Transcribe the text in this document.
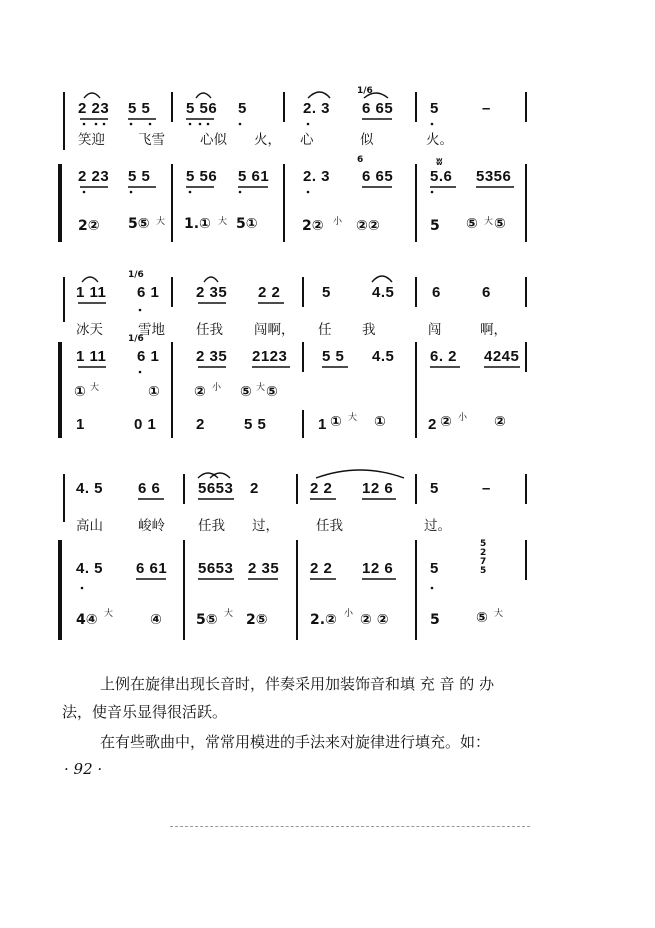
2 23 5 5 5 56 5	2. 3 6 65 5	–
1/6
笑迎 飞雪	心似 火， 心	似	火。
2 23 5 5 5 56 5 61 2. 3 6 65 5.6 5356
6	ʬ
2② 5⑤ 大 1.① 大 5①	2② 小 ②②	5 ⑤ 大 ⑤
1 11 6 1
1/6
2 35 2 2	5	4.5	6	6
冰天	雪地 任我 闯啊， 任 我	闯	啊，
1 11 6 1
1/6
2 35 2123 5 5 4.5 6. 2 4245
① 大	① ② 小 ⑤ 大 ⑤
1	0 1	2	5 5	1 ① 大 ①	2 ② 小 ②
4. 5 6 6	5653 2	2 2 12 6 5	–
高山	峻岭 任我 过，	任我	过。
4. 5 6 61 5653 2 35 2 2 12 6 5
5
2
7
5
4④ 大	④ 5⑤ 大 2⑤	2.② 小 ② ②	5	⑤ 大
上例在旋律出现长音时，伴奏采用加装饰音和填 充 音 的 办
法，使音乐显得很活跃。
在有些歌曲中，常常用模进的手法来对旋律进行填充。如：
· 92 ·
